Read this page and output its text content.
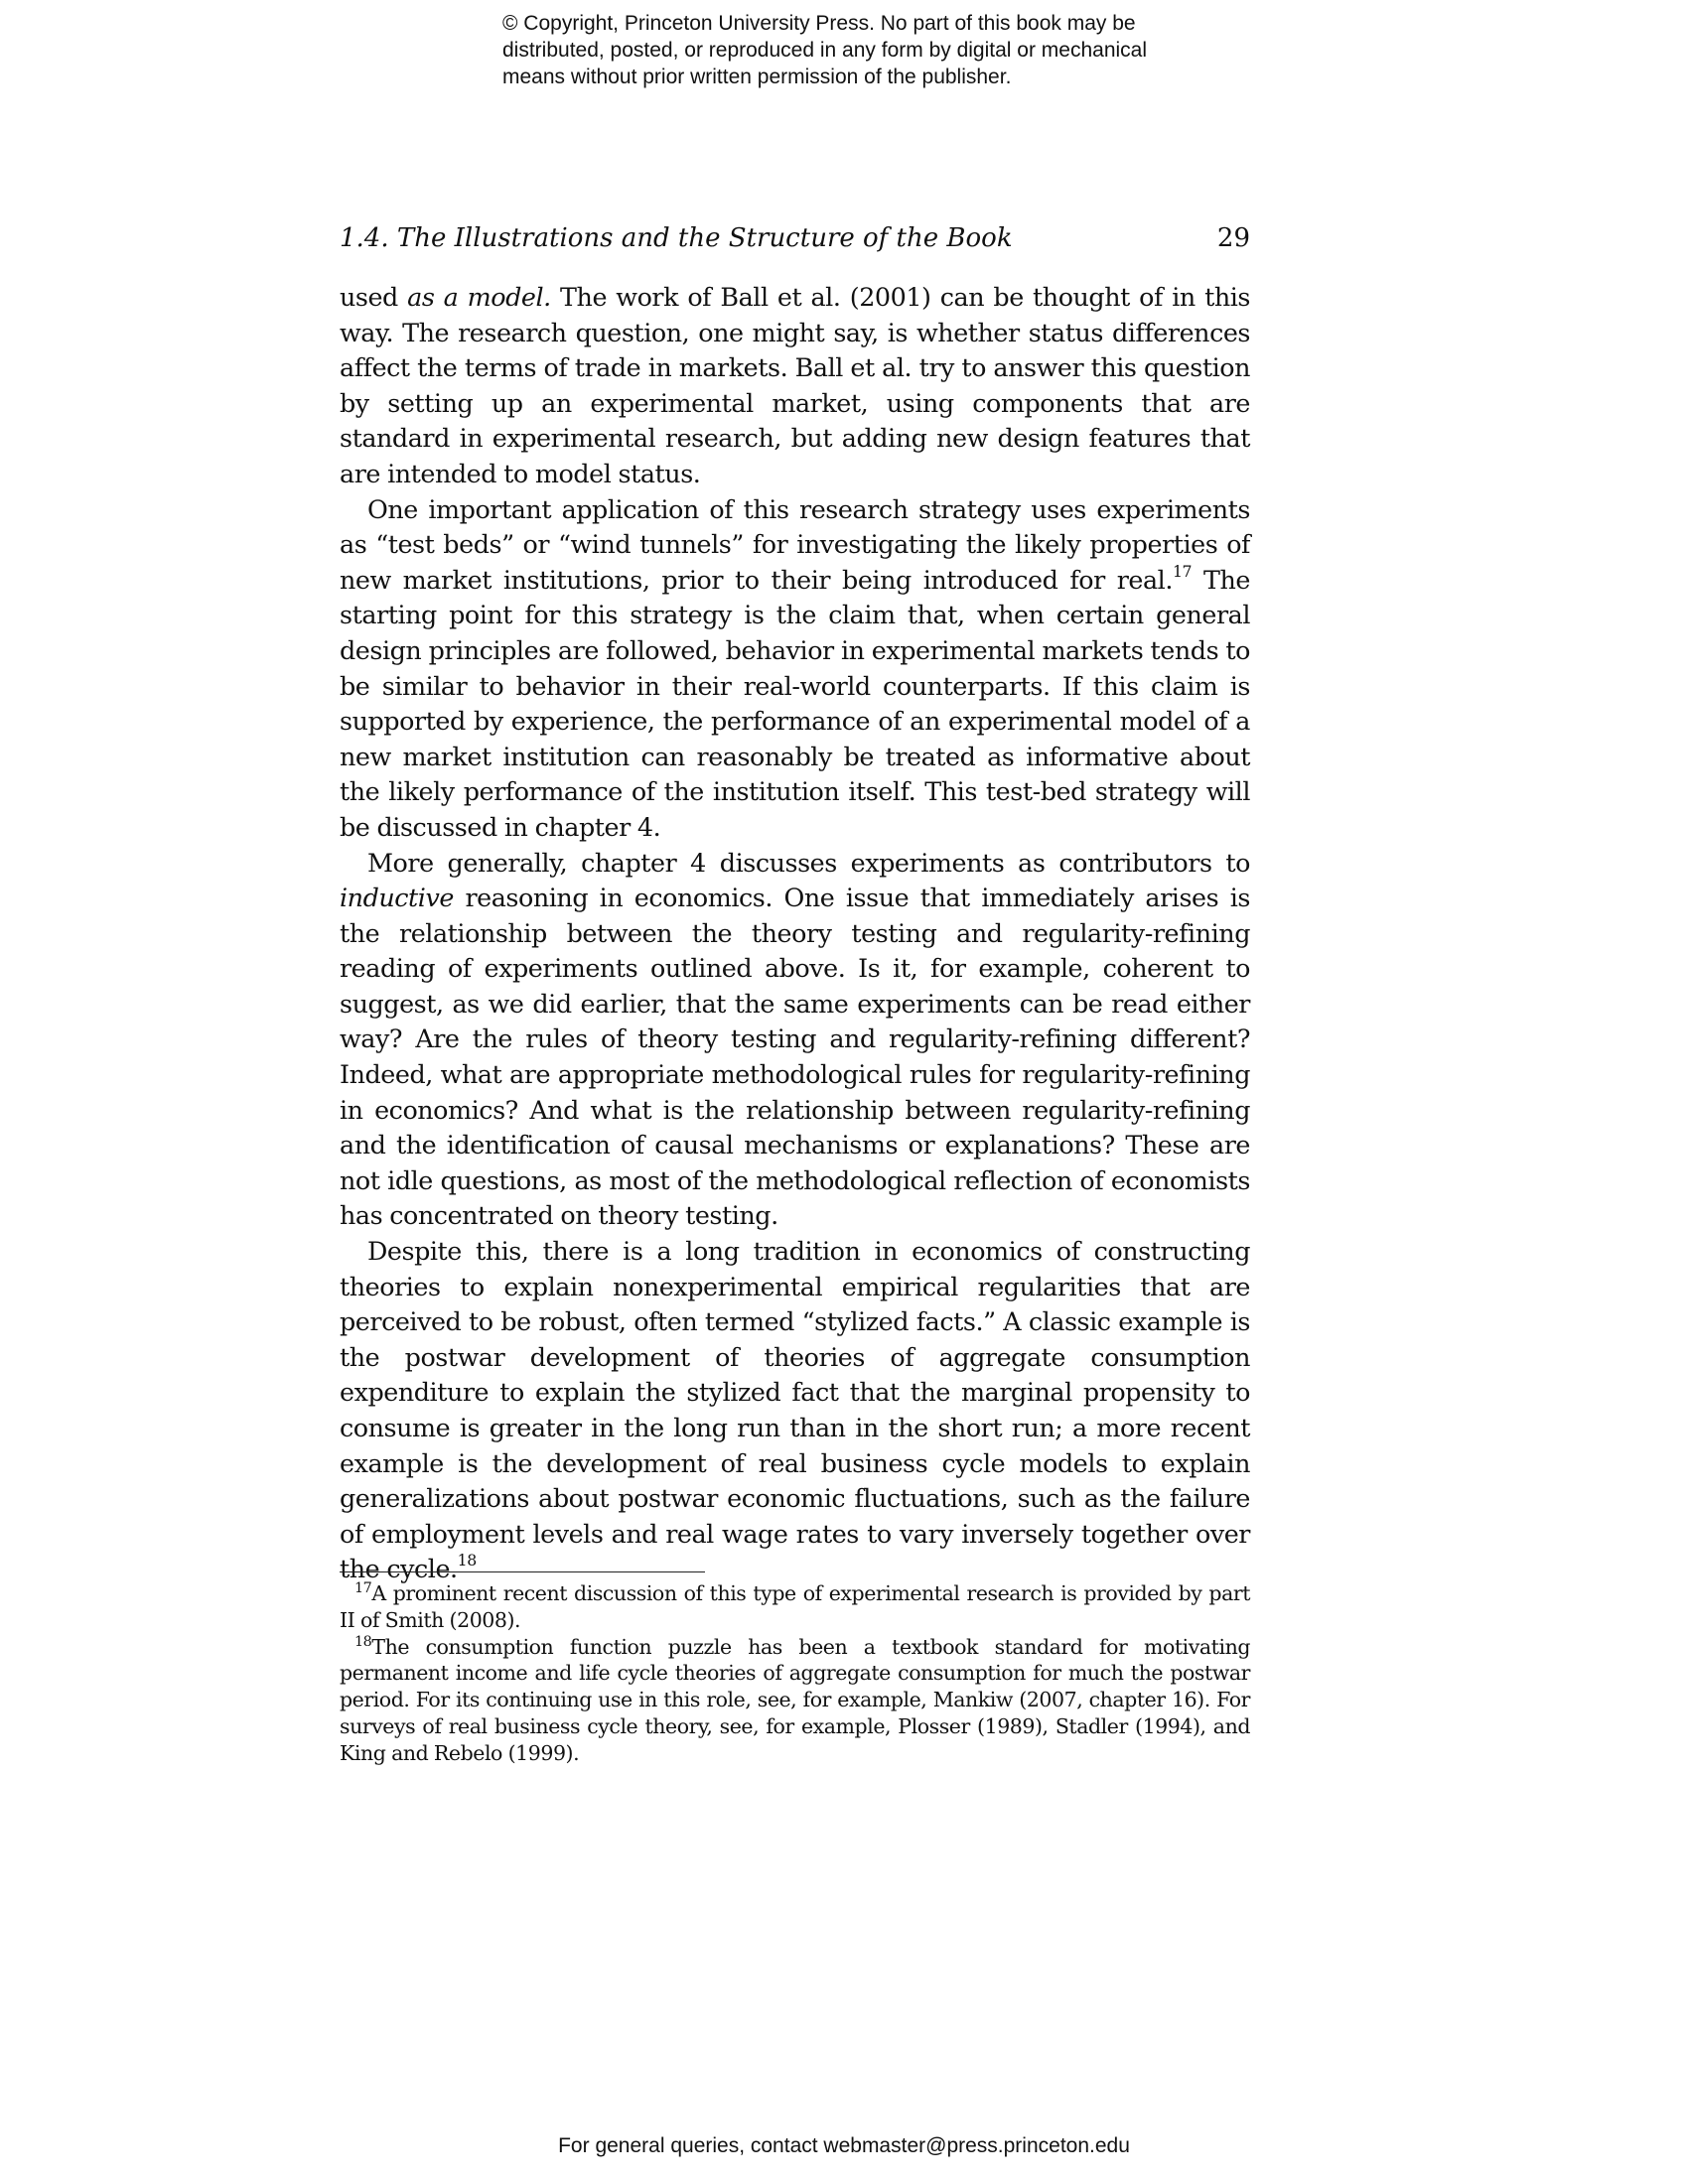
© Copyright, Princeton University Press. No part of this book may be
distributed, posted, or reproduced in any form by digital or mechanical
means without prior written permission of the publisher.
1.4. The Illustrations and the Structure of the Book	29

used as a model. The work of Ball et al. (2001) can be thought of in this way. The research question, one might say, is whether status differences affect the terms of trade in markets. Ball et al. try to answer this question by setting up an experimental market, using components that are standard in experimental research, but adding new design features that are intended to model status.

One important application of this research strategy uses experiments as “test beds” or “wind tunnels” for investigating the likely properties of new market institutions, prior to their being introduced for real.$^{17}$ The starting point for this strategy is the claim that, when certain general design principles are followed, behavior in experimental markets tends to be similar to behavior in their real-world counterparts. If this claim is supported by experience, the performance of an experimental model of a new market institution can reasonably be treated as informative about the likely performance of the institution itself. This test-bed strategy will be discussed in chapter 4.

More generally, chapter 4 discusses experiments as contributors to inductive reasoning in economics. One issue that immediately arises is the relationship between the theory testing and regularity-refining reading of experiments outlined above. Is it, for example, coherent to suggest, as we did earlier, that the same experiments can be read either way? Are the rules of theory testing and regularity-refining different? Indeed, what are appropriate methodological rules for regularity-refining in economics? And what is the relationship between regularity-refining and the identification of causal mechanisms or explanations? These are not idle questions, as most of the methodological reflection of economists has concentrated on theory testing.

Despite this, there is a long tradition in economics of constructing theories to explain nonexperimental empirical regularities that are perceived to be robust, often termed “stylized facts.” A classic example is the postwar development of theories of aggregate consumption expenditure to explain the stylized fact that the marginal propensity to consume is greater in the long run than in the short run; a more recent example is the development of real business cycle models to explain generalizations about postwar economic fluctuations, such as the failure of employment levels and real wage rates to vary inversely together over the cycle.$^{18}$

$^{17}$A prominent recent discussion of this type of experimental research is provided by part II of Smith (2008).

$^{18}$The consumption function puzzle has been a textbook standard for motivating permanent income and life cycle theories of aggregate consumption for much the postwar period. For its continuing use in this role, see, for example, Mankiw (2007, chapter 16). For surveys of real business cycle theory, see, for example, Plosser (1989), Stadler (1994), and King and Rebelo (1999).

For general queries, contact webmaster@press.princeton.edu
